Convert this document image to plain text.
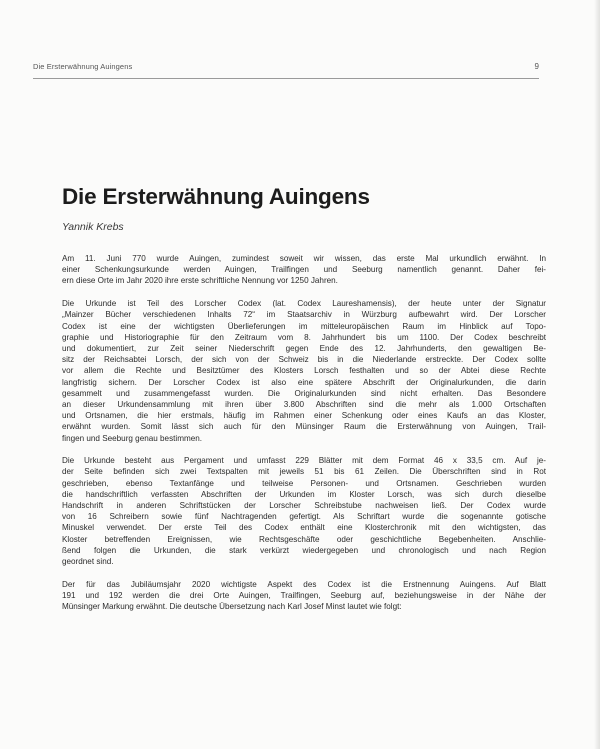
Die Ersterwähnung Auingens	9
Die Ersterwähnung Auingens
Yannik Krebs

Am 11. Juni 770 wurde Auingen, zumindest soweit wir wissen, das erste Mal urkundlich erwähnt. In
einer Schenkungsurkunde werden Auingen, Trailfingen und Seeburg namentlich genannt. Daher fei-
ern diese Orte im Jahr 2020 ihre erste schriftliche Nennung vor 1250 Jahren.

Die Urkunde ist Teil des Lorscher Codex (lat. Codex Laureshamensis), der heute unter der Signatur
„Mainzer Bücher verschiedenen Inhalts 72“ im Staatsarchiv in Würzburg aufbewahrt wird. Der Lorscher
Codex ist eine der wichtigsten Überlieferungen im mitteleuropäischen Raum im Hinblick auf Topo-
graphie und Historiographie für den Zeitraum vom 8. Jahrhundert bis um 1100. Der Codex beschreibt
und dokumentiert, zur Zeit seiner Niederschrift gegen Ende des 12. Jahrhunderts, den gewaltigen Be-
sitz der Reichsabtei Lorsch, der sich von der Schweiz bis in die Niederlande erstreckte. Der Codex sollte
vor allem die Rechte und Besitztümer des Klosters Lorsch festhalten und so der Abtei diese Rechte
langfristig sichern. Der Lorscher Codex ist also eine spätere Abschrift der Originalurkunden, die darin
gesammelt und zusammengefasst wurden. Die Originalurkunden sind nicht erhalten. Das Besondere
an dieser Urkundensammlung mit ihren über 3.800 Abschriften sind die mehr als 1.000 Ortschaften
und Ortsnamen, die hier erstmals, häufig im Rahmen einer Schenkung oder eines Kaufs an das Kloster,
erwähnt wurden. Somit lässt sich auch für den Münsinger Raum die Ersterwähnung von Auingen, Trail-
fingen und Seeburg genau bestimmen.

Die Urkunde besteht aus Pergament und umfasst 229 Blätter mit dem Format 46 x 33,5 cm. Auf je-
der Seite befinden sich zwei Textspalten mit jeweils 51 bis 61 Zeilen. Die Überschriften sind in Rot
geschrieben, ebenso Textanfänge und teilweise Personen- und Ortsnamen. Geschrieben wurden
die handschriftlich verfassten Abschriften der Urkunden im Kloster Lorsch, was sich durch dieselbe
Handschrift in anderen Schriftstücken der Lorscher Schreibstube nachweisen ließ. Der Codex wurde
von 16 Schreibern sowie fünf Nachtragenden gefertigt. Als Schriftart wurde die sogenannte gotische
Minuskel verwendet. Der erste Teil des Codex enthält eine Klosterchronik mit den wichtigsten, das
Kloster betreffenden Ereignissen, wie Rechtsgeschäfte oder geschichtliche Begebenheiten. Anschlie-
ßend folgen die Urkunden, die stark verkürzt wiedergegeben und chronologisch und nach Region
geordnet sind.

Der für das Jubiläumsjahr 2020 wichtigste Aspekt des Codex ist die Erstnennung Auingens. Auf Blatt
191 und 192 werden die drei Orte Auingen, Trailfingen, Seeburg auf, beziehungsweise in der Nähe der
Münsinger Markung erwähnt. Die deutsche Übersetzung nach Karl Josef Minst lautet wie folgt:
